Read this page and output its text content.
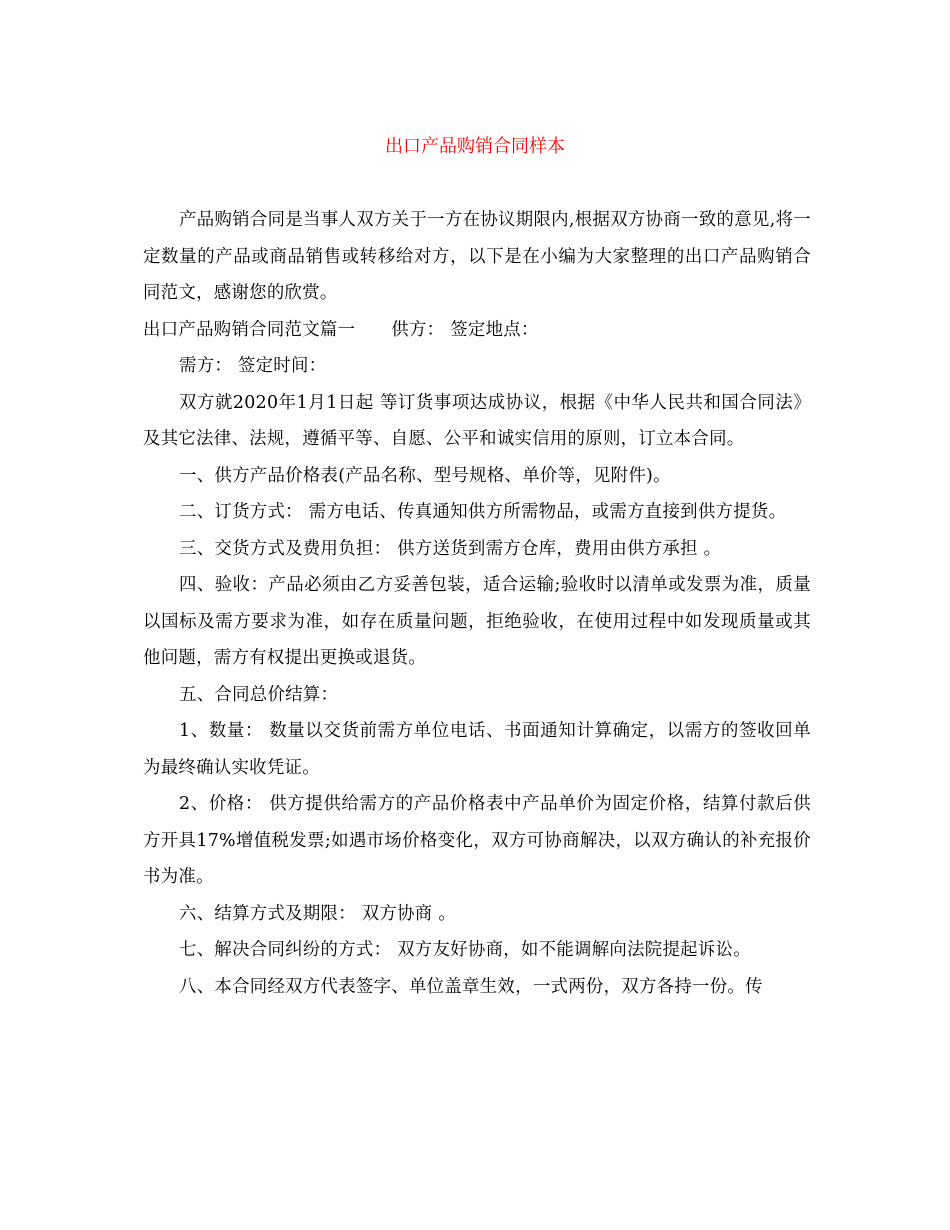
出口产品购销合同样本

产品购销合同是当事人双方关于一方在协议期限内,根据双方协商一致的意见,将一定数量的产品或商品销售或转移给对方，以下是在小编为大家整理的出口产品购销合同范文，感谢您的欣赏。

出口产品购销合同范文篇一 供方： 签定地点：

需方： 签定时间：

双方就2020年1月1日起 等订货事项达成协议，根据《中华人民共和国合同法》及其它法律、法规，遵循平等、自愿、公平和诚实信用的原则，订立本合同。

一、供方产品价格表(产品名称、型号规格、单价等，见附件)。

二、订货方式： 需方电话、传真通知供方所需物品，或需方直接到供方提货。

三、交货方式及费用负担： 供方送货到需方仓库，费用由供方承担 。

四、验收：产品必须由乙方妥善包装，适合运输;验收时以清单或发票为准，质量以国标及需方要求为准，如存在质量问题，拒绝验收，在使用过程中如发现质量或其他问题，需方有权提出更换或退货。

五、合同总价结算：

1、数量： 数量以交货前需方单位电话、书面通知计算确定，以需方的签收回单为最终确认实收凭证。

2、价格： 供方提供给需方的产品价格表中产品单价为固定价格，结算付款后供方开具17%增值税发票;如遇市场价格变化，双方可协商解决，以双方确认的补充报价书为准。

六、结算方式及期限： 双方协商 。

七、解决合同纠纷的方式： 双方友好协商，如不能调解向法院提起诉讼。

八、本合同经双方代表签字、单位盖章生效，一式两份，双方各持一份。传
